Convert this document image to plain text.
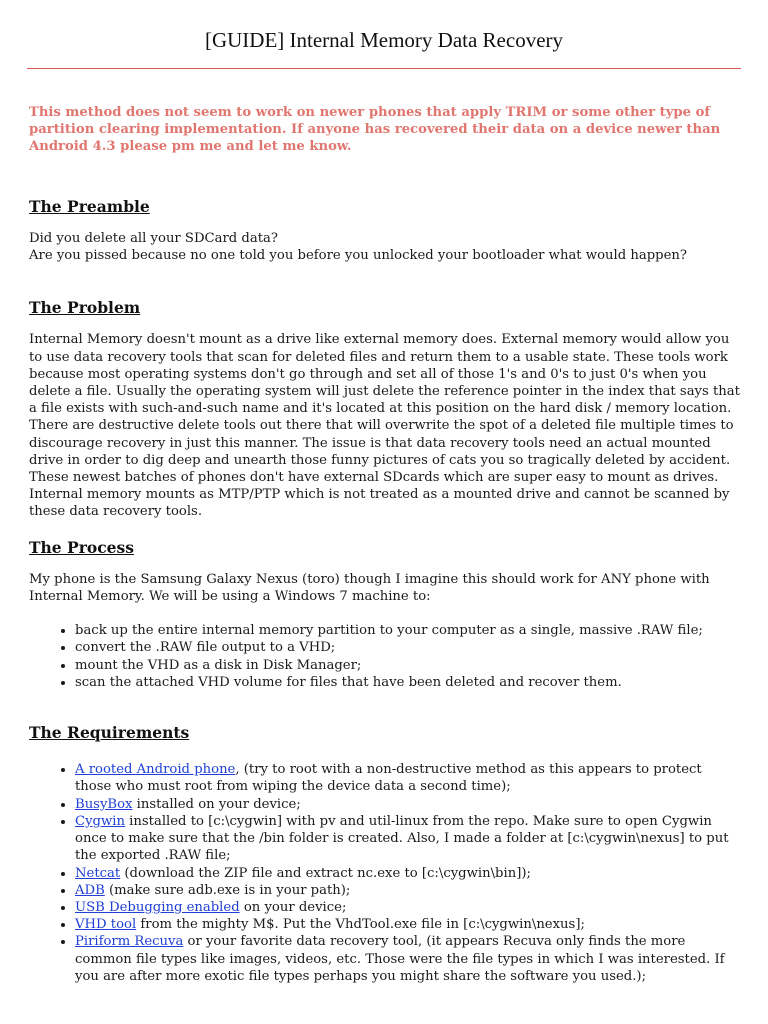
[GUIDE] Internal Memory Data Recovery

This method does not seem to work on newer phones that apply TRIM or some other type of partition clearing implementation. If anyone has recovered their data on a device newer than Android 4.3 please pm me and let me know.

The Preamble

Did you delete all your SDCard data?

Are you pissed because no one told you before you unlocked your bootloader what would happen?

The Problem

Internal Memory doesn't mount as a drive like external memory does. External memory would allow you to use data recovery tools that scan for deleted files and return them to a usable state. These tools work because most operating systems don't go through and set all of those 1's and 0's to just 0's when you delete a file. Usually the operating system will just delete the reference pointer in the index that says that a file exists with such-and-such name and it's located at this position on the hard disk / memory location. There are destructive delete tools out there that will overwrite the spot of a deleted file multiple times to discourage recovery in just this manner. The issue is that data recovery tools need an actual mounted drive in order to dig deep and unearth those funny pictures of cats you so tragically deleted by accident. These newest batches of phones don't have external SDcards which are super easy to mount as drives. Internal memory mounts as MTP/PTP which is not treated as a mounted drive and cannot be scanned by these data recovery tools.

The Process

My phone is the Samsung Galaxy Nexus (toro) though I imagine this should work for ANY phone with Internal Memory. We will be using a Windows 7 machine to:

• back up the entire internal memory partition to your computer as a single, massive .RAW file;
• convert the .RAW file output to a VHD;
• mount the VHD as a disk in Disk Manager;
• scan the attached VHD volume for files that have been deleted and recover them.
The Requirements
• A rooted Android phone, (try to root with a non-destructive method as this appears to protect those who must root from wiping the device data a second time);
• BusyBox installed on your device;
• Cygwin installed to [c:\cygwin] with pv and util-linux from the repo. Make sure to open Cygwin once to make sure that the /bin folder is created. Also, I made a folder at [c:\cygwin\nexus] to put the exported .RAW file;
• Netcat (download the ZIP file and extract nc.exe to [c:\cygwin\bin]);
• ADB (make sure adb.exe is in your path);
• USB Debugging enabled on your device;
• VHD tool from the mighty M$. Put the VhdTool.exe file in [c:\cygwin\nexus];
• Piriform Recuva or your favorite data recovery tool, (it appears Recuva only finds the more common file types like images, videos, etc. Those were the file types in which I was interested. If you are after more exotic file types perhaps you might share the software you used.);
